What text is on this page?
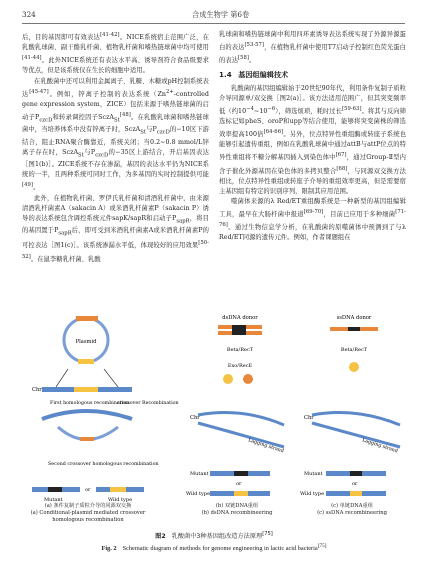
324	合成生物学 第6卷

后，目的基因即可有效表达[41-42]。NICE系统宿主范围广泛，在乳酸乳球菌、副干酪乳杆菌、植物乳杆菌和嗜热链球菌中均可使用[41-44]。此外NICE系统还有表达水平高、诱导剂符合食品级要求等优点，但是该系统仅在生长的细胞中适用。

在乳酸菌中还可以利用金属离子、乳糖、木糖或pH控制系统表达[45-47]。例如，锌离子控制的表达系统（$Zn^{2+}$-controlled gene expression system，ZICE）包括来源于嗜热链球菌的启动子$P_{czcD}$和转录调控因子SczA$_{St}$[48]。在乳酸乳球菌和嗜热链球菌中，当培养体系中没有锌离子时，SczA$_{St}$与$P_{czcD}$的−10区下游结合，阻止RNA聚合酶靠近，系统关闭；当0.2~0.8 mmol/L锌离子存在时，SczA$_{St}$与$P_{czcD}$的−35区上游结合，开启基因表达［图1(b)］。ZICE系统不存在渗漏，基因的表达水平仍为NICE系统的一半，且两种系统可同时工作，为多基因的实时控制提供可能[49]。

此外，在植物乳杆菌、罗伊氏乳杆菌和清酒乳杆菌中，由来源清酒乳杆菌素A（sakacin A）或米酒乳杆菌素P（sakacin P）诱导的表达系统包含调控系统元件sapK/sapR和启动子$P_{sapR}$，将目的基因置于$P_{sapR}$后，即可受到米酒乳杆菌素A或米酒乳杆菌素P的可控表达［图1(c)］。该系统渗漏水平低，体现较好的应用效果[50-52]。在鼠李糖乳杆菌、乳酸

乳球菌和嗜热链球菌中利用四环素诱导表达系统实现了外源异源蛋白的表达[53-57]，在植物乳杆菌中使用T7启动子控制红色荧光蛋白的表达[58]。

1.4 基因组编辑技术

乳酸菌的基因组编辑始于20世纪90年代，利用条件复制子质粒介导同源单/双交换［图2(a)］。该方法适用范围广，但其突变频率低（约$10^{-4}\sim 10^{-6}$），筛选烦琐，耗时过长[59-63]。将其与反向筛选标记如pheS、oroP和upp等结合使用，能够将突变菌株的筛选效率提高100倍[64-66]。另外，位点特异性重组酶或转座子系统也能够引起遗传重组，例如在乳酸乳球菌中通过attB与attP位点的特异性重组将不糖分解基因插入到染色体中[67]，通过Group-Ⅱ型内含子催化外源基因在染色体的多拷贝整合[68]，与同源双交换方法相比，位点特异性重组或转座子介导的重组效率更高，但是需要宿主基因组有特定的识别序列，限制其应用范围。

噬菌体来源的λ Red/ET重组酶系统是一种新型的基因组编辑工具，最早在大肠杆菌中报道[69-70]，目前已应用于多种细菌[71-76]。通过生物信息学分析，在乳酸菌的原噬菌体中预测到了与λ Red/ET同源的遗传元件。例如，作者课题组在

Plasmid
Chr
First homologous recombination
crossover Recombination
Second crossover homologous recombination
Mutant
or
Wild type
dsDNA donor
Beta/RecT
Exo/RecE
Chr
Lagging strand
Mutant
or
Wild type
ssDNA donor
Beta/RecT
Chr
Lagging strand
Mutant
or
Wild type
(a) 条件复制子质粒介导的同源双交换
(a) Conditional-plasmid mediated crossover homologous recombination
(b) 双链DNA重组
(b) dsDNA recombineering
(c) 单链DNA重组
(c) ssDNA recombineering
图2 乳酸菌中3种基因组改造方法原理[75]
Fig. 2 Schematic diagram of methods for genome engineering in lactic acid bacteria[75]
